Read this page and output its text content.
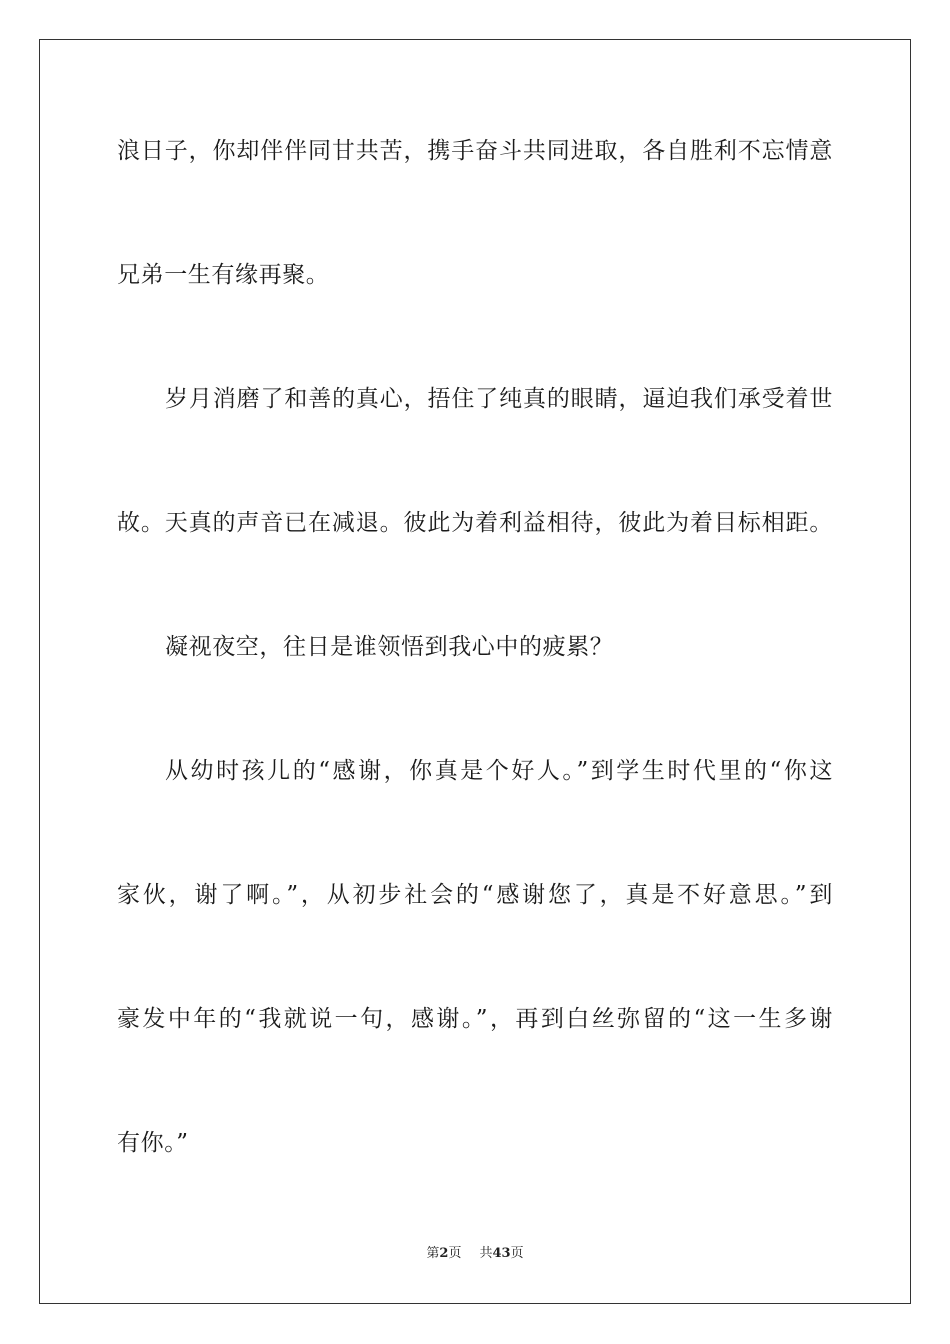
浪日子，你却伴伴同甘共苦，携手奋斗共同进取，各自胜利不忘情意
兄弟一生有缘再聚。
岁月消磨了和善的真心，捂住了纯真的眼睛，逼迫我们承受着世
故。天真的声音已在减退。彼此为着利益相待，彼此为着目标相距。
凝视夜空，往日是谁领悟到我心中的疲累？
从幼时孩儿的“感谢，你真是个好人。”到学生时代里的“你这
家伙，谢了啊。”，从初步社会的“感谢您了，真是不好意思。”到
豪发中年的“我就说一句，感谢。”，再到白丝弥留的“这一生多谢
有你。”
第2页 共43页
